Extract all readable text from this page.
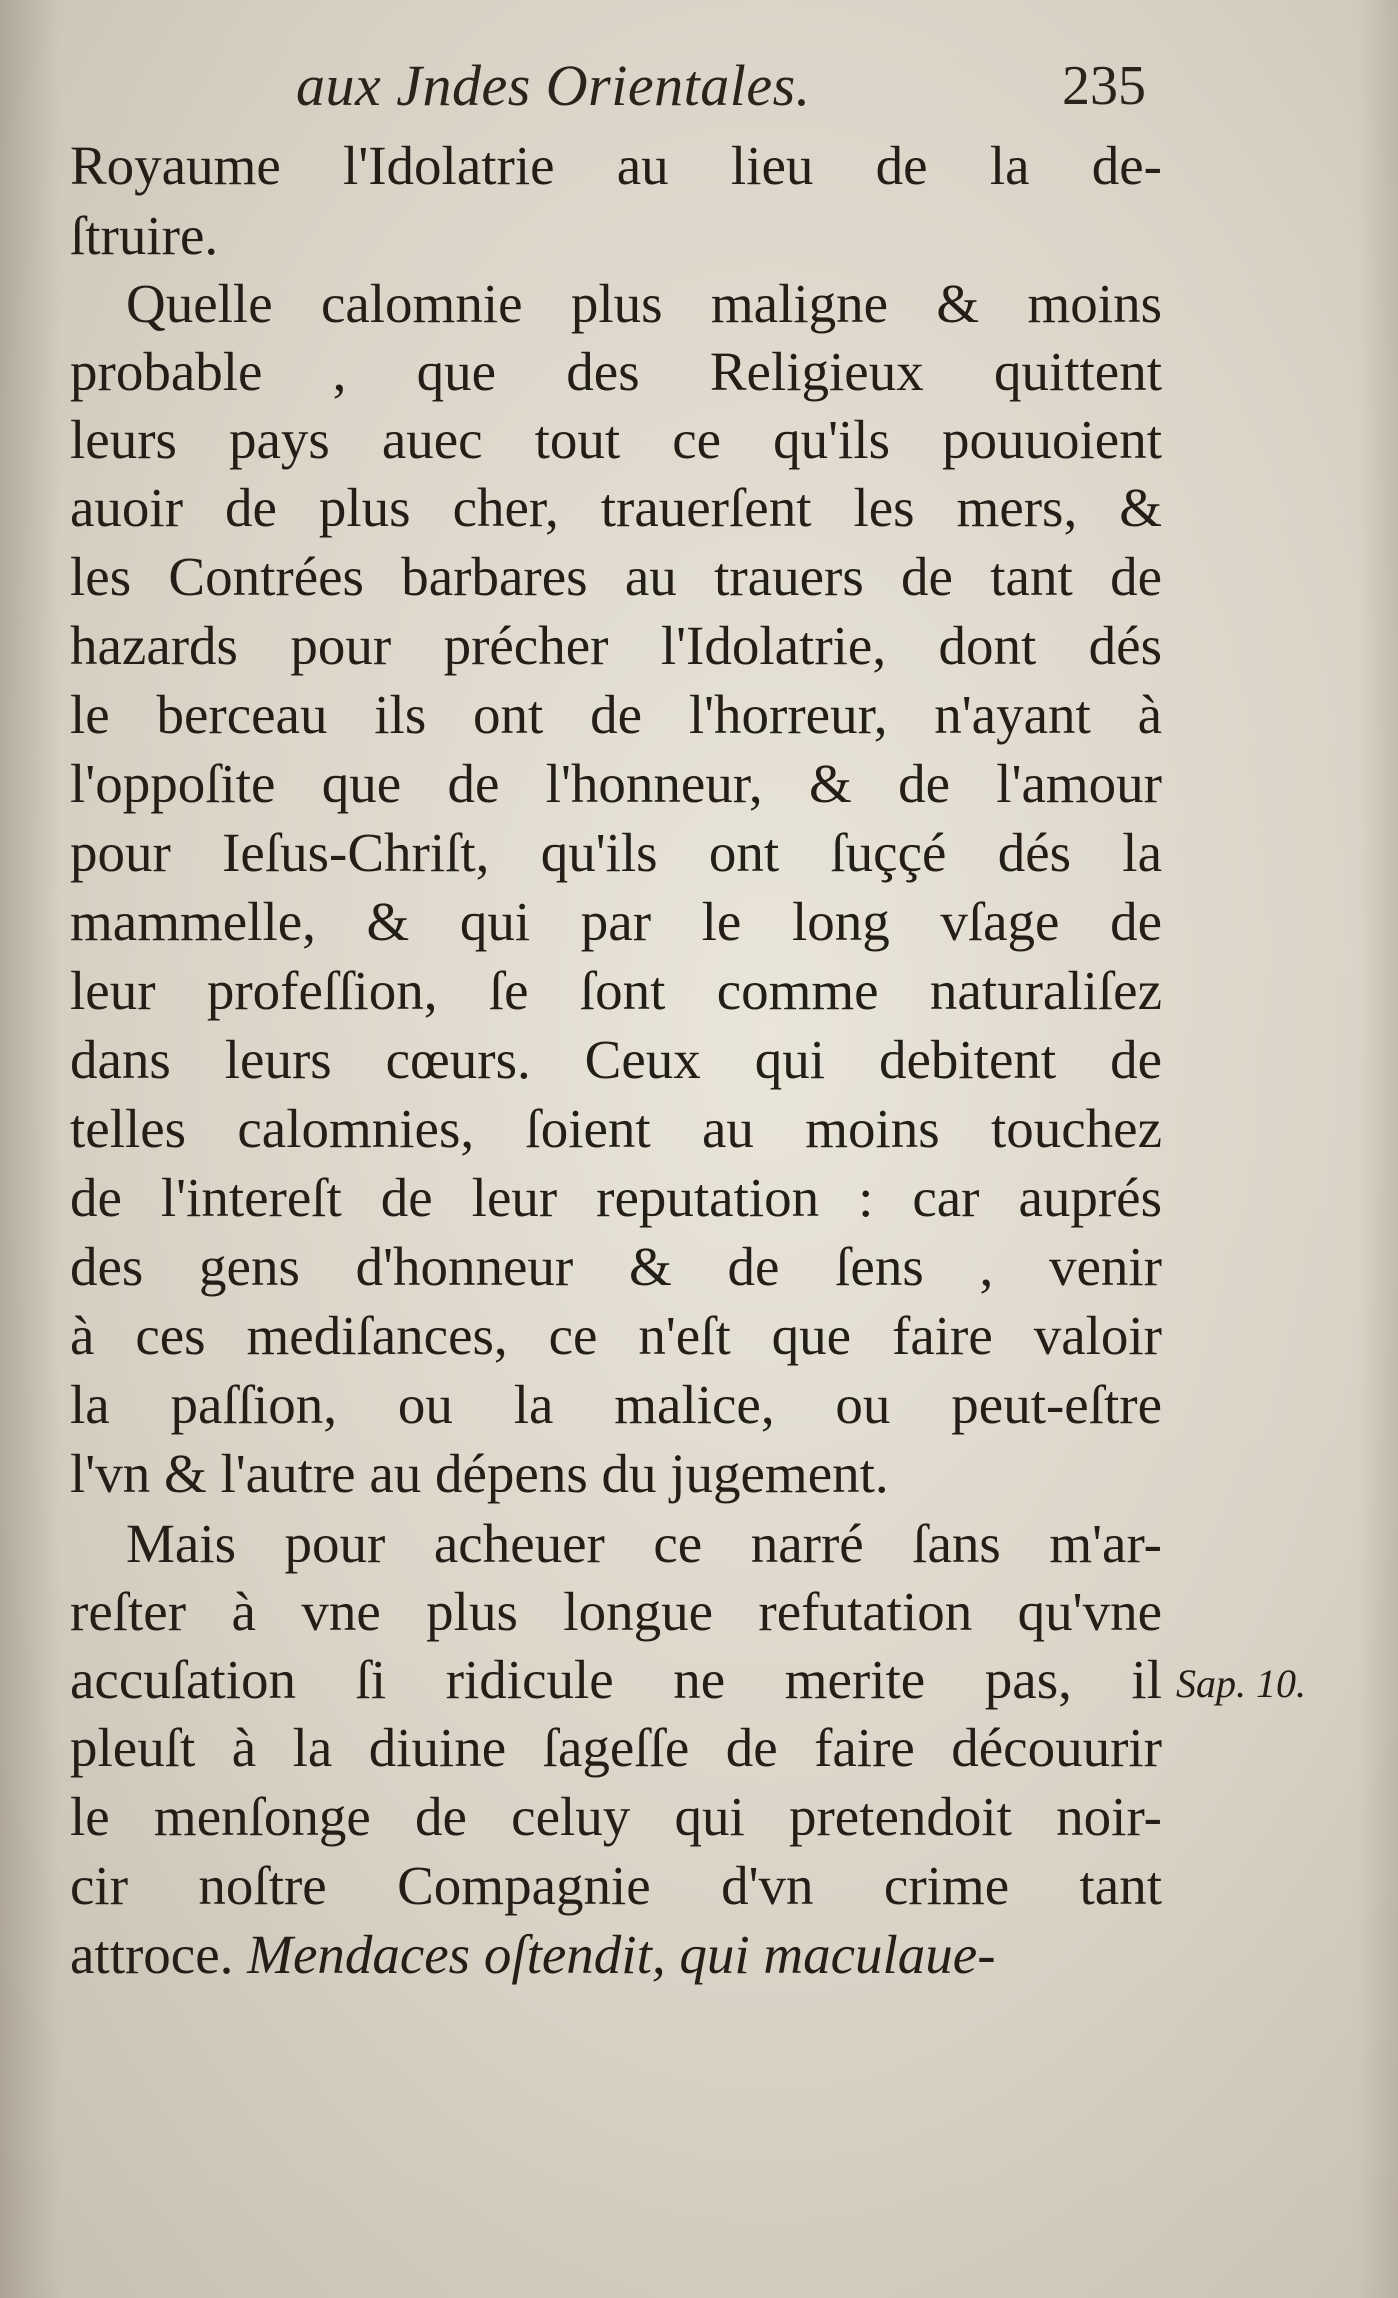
aux Jndes Orientales.	235
Royaume l'Idolatrie au lieu de la de-
ſtruire.
Quelle calomnie plus maligne & moins
probable , que des Religieux quittent
leurs pays auec tout ce qu'ils pouuoient
auoir de plus cher, trauerſent les mers, &
les Contrées barbares au trauers de tant de
hazards pour précher l'Idolatrie, dont dés
le berceau ils ont de l'horreur, n'ayant à
l'oppoſite que de l'honneur, & de l'amour
pour Ieſus-Chriſt, qu'ils ont ſuççé dés la
mammelle, & qui par le long vſage de
leur profeſſion, ſe ſont comme naturaliſez
dans leurs cœurs. Ceux qui debitent de
telles calomnies, ſoient au moins touchez
de l'intereſt de leur reputation : car auprés
des gens d'honneur & de ſens , venir
à ces mediſances, ce n'eſt que faire valoir
la paſſion, ou la malice, ou peut-eſtre
l'vn & l'autre au dépens du jugement.
Mais pour acheuer ce narré ſans m'ar-
reſter à vne plus longue refutation qu'vne
accuſation ſi ridicule ne merite pas, il
pleuſt à la diuine ſageſſe de faire découurir
le menſonge de celuy qui pretendoit noir-
cir noſtre Compagnie d'vn crime tant
attroce. Mendaces oſtendit, qui maculaue-
Sap. 10.
